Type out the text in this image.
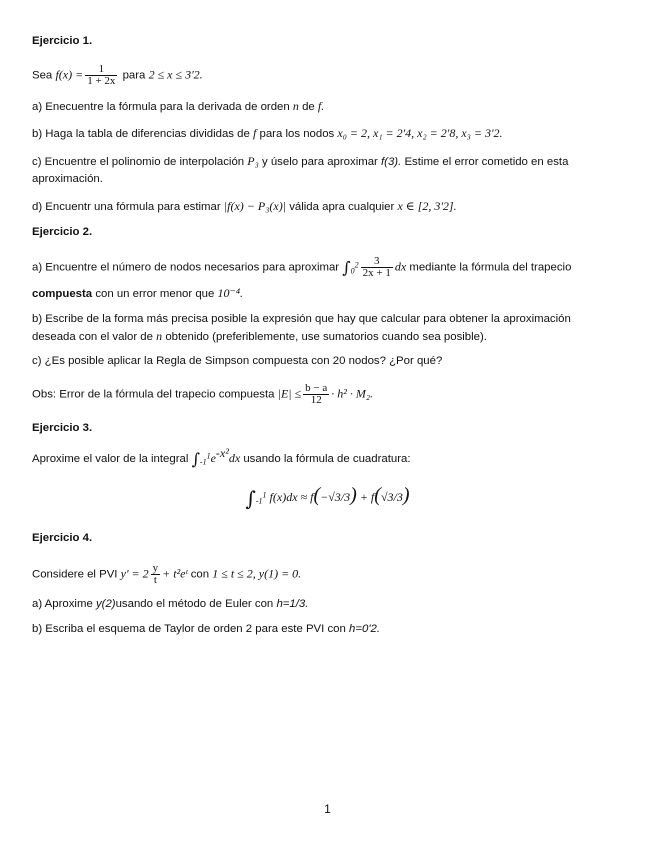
Ejercicio 1.
Sea $f(x) = \frac{1}{1 + 2x}$ para 2 ≤ x ≤ 3'2.
a) Enecuentre la fórmula para la derivada de orden n de f.
b) Haga la tabla de diferencias divididas de f para los nodos x₀ = 2, x₁ = 2'4, x₂ = 2'8, x₃ = 3'2.
c) Encuentre el polinomio de interpolación P₃ y úselo para aproximar f(3). Estime el error cometido en esta aproximación.
d) Encuentr una fórmula para estimar |f(x) − P₃(x)| válida apra cualquier x ∈ [2, 3'2].
Ejercicio 2.
a) Encuentre el número de nodos necesarios para aproximar $\int_0^2 \frac{3}{2x + 1}$ dx mediante la fórmula del trapecio
compuesta con un error menor que 10⁻⁴.
b) Escribe de la forma más precisa posible la expresión que hay que calcular para obtener la aproximación deseada con el valor de n obtenido (preferiblemente, use sumatorios cuando sea posible).
c) ¿Es posible aplicar la Regla de Simpson compuesta con 20 nodos? ¿Por qué?
Obs: Error de la fórmula del trapecio compuesta $|E| \le \frac{b - a}{12} \cdot h^2 \cdot M_2$.
Ejercicio 3.
Aproxime el valor de la integral $\int_{-1}^1e^{-x^2}dx$ usando la fórmula de cuadratura:
$\int_{-1}^1$ f(x)dx ≈ f(−√3/3) + f(√3/3)
Ejercicio 4.
Considere el PVI $y' = 2 \frac{y}{t}$ + t²eᵗ con 1 ≤ t ≤ 2, y(1) = 0.
a) Aproxime y(2)usando el método de Euler con h=1/3.
b) Escriba el esquema de Taylor de orden 2 para este PVI con h=0'2.
1
